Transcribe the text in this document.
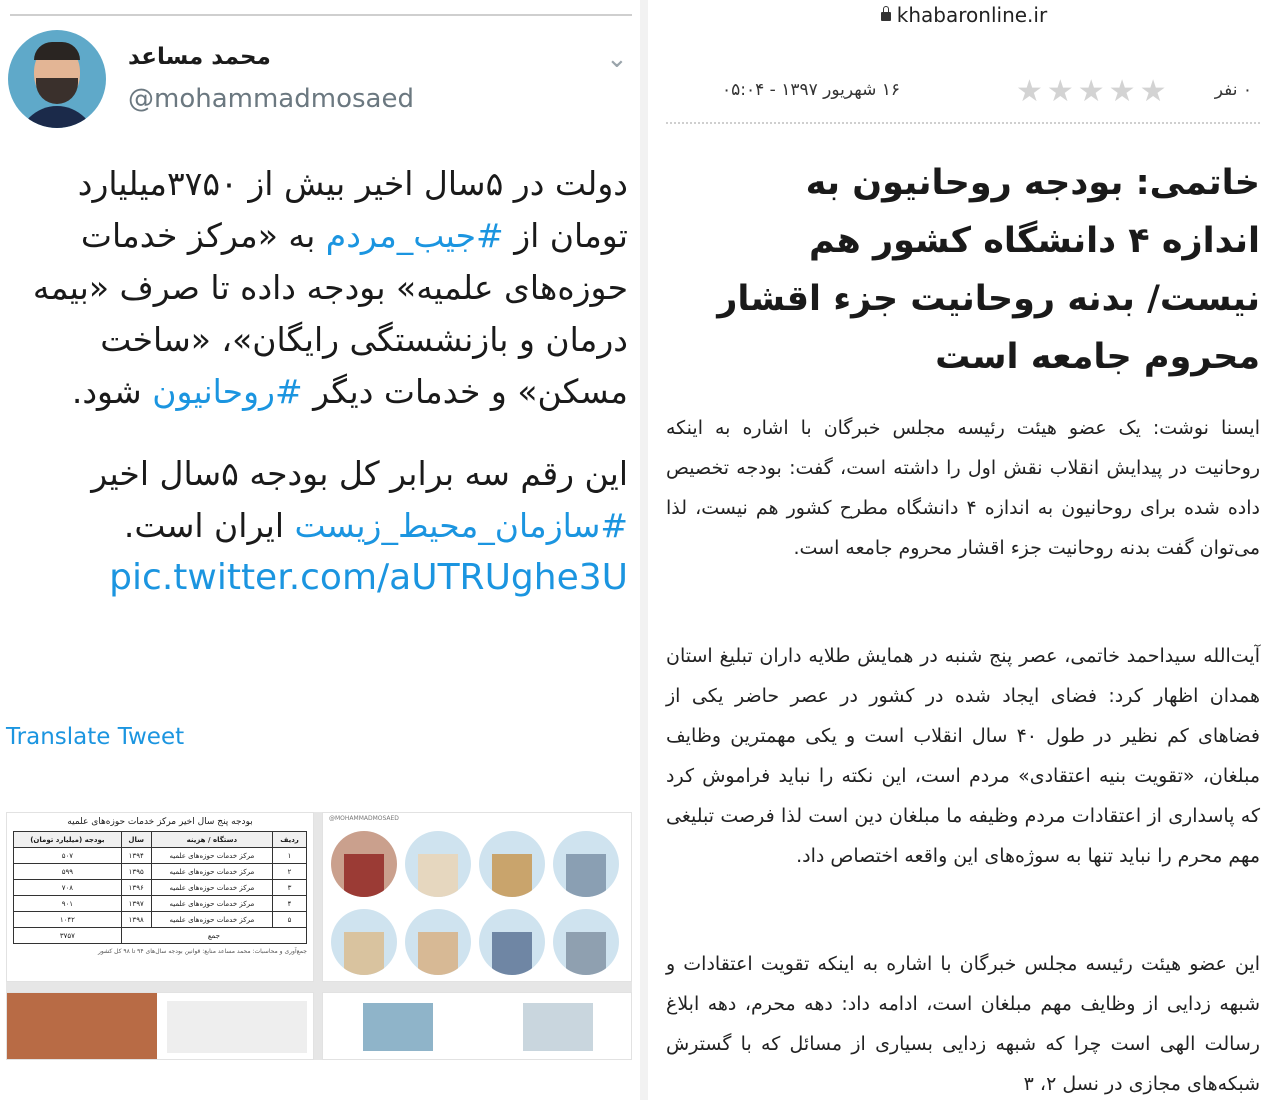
محمد مساعد
@mohammadmosaed
⌄

دولت در ۵سال اخیر بیش از ۳۷۵۰میلیارد تومان از #جیب_مردم به «مرکز خدمات حوزه‌های علمیه» بودجه داده تا صرف «بیمه درمان و بازنشستگی رایگان»، «ساخت مسکن» و خدمات دیگر #روحانیون شود.

این رقم سه برابر کل بودجه ۵سال اخیر #سازمان_محیط_زیست ایران است.
pic.twitter.com/aUTRUghe3U

Translate Tweet
بودجه پنج سال اخیر مرکز خدمات حوزه‌های علمیه
ردیف	دستگاه / هزینه	سال	بودجه (میلیارد تومان)
۱	مرکز خدمات حوزه‌های علمیه	۱۳۹۴	۵۰۷
۲	مرکز خدمات حوزه‌های علمیه	۱۳۹۵	۵۹۹
۳	مرکز خدمات حوزه‌های علمیه	۱۳۹۶	۷۰۸
۴	مرکز خدمات حوزه‌های علمیه	۱۳۹۷	۹۰۱
۵	مرکز خدمات حوزه‌های علمیه	۱۳۹۸	۱۰۴۲
جمع			۳۷۵۷
جمع‌آوری و محاسبات: محمد مساعد منابع: قوانین بودجه سال‌های ۹۴ تا ۹۸ کل کشور
@MOHAMMADMOSAED
khabaronline.ir
۰ نفر
★★★★★
۱۶ شهریور ۱۳۹۷ - ۰۵:۰۴
خاتمی: بودجه روحانیون به اندازه ۴ دانشگاه کشور هم نیست/ بدنه روحانیت جزء اقشار محروم جامعه است
ایسنا نوشت: یک عضو هیئت رئیسه مجلس خبرگان با اشاره به اینکه روحانیت در پیدایش انقلاب نقش اول را داشته است، گفت: بودجه تخصیص داده شده برای روحانیون به اندازه ۴ دانشگاه مطرح کشور هم نیست، لذا می‌توان گفت بدنه روحانیت جزء اقشار محروم جامعه است.
آیت‌الله سیداحمد خاتمی، عصر پنج شنبه در همایش طلایه داران تبلیغ استان همدان اظهار کرد: فضای ایجاد شده در کشور در عصر حاضر یکی از فضاهای کم نظیر در طول ۴۰ سال انقلاب است و یکی مهمترین وظایف مبلغان، «تقویت بنیه اعتقادی» مردم است، این نکته را نباید فراموش کرد که پاسداری از اعتقادات مردم وظیفه ما مبلغان دین است لذا فرصت تبلیغی مهم محرم را نباید تنها به سوژه‌های این واقعه اختصاص داد.
این عضو هیئت رئیسه مجلس خبرگان با اشاره به اینکه تقویت اعتقادات و شبهه زدایی از وظایف مهم مبلغان است، ادامه داد: دهه محرم، دهه ابلاغ رسالت الهی است چرا که شبهه زدایی بسیاری از مسائل که با گسترش شبکه‌های مجازی در نسل ۲، ۳
